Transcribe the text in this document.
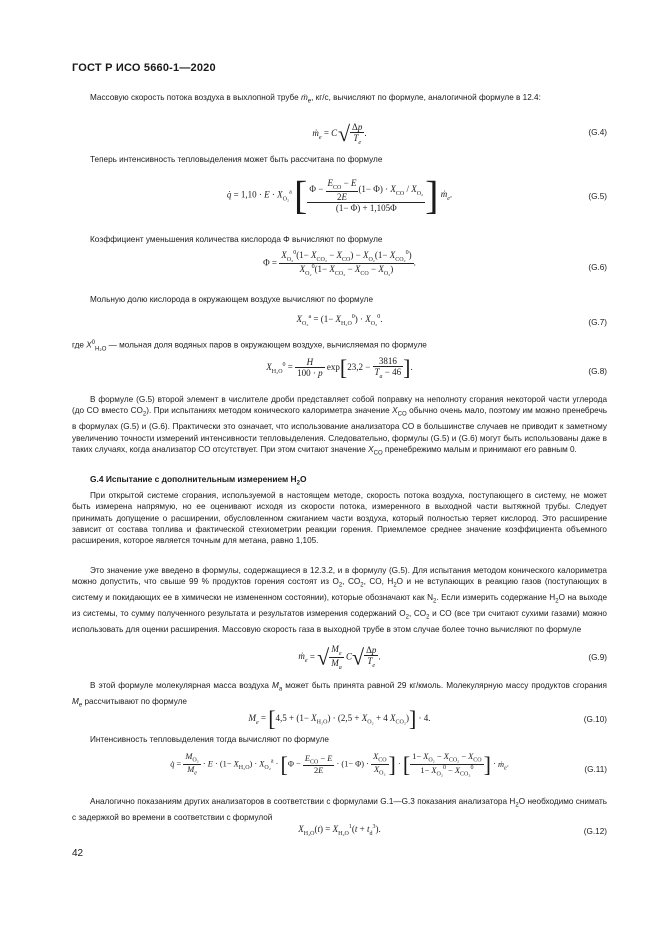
ГОСТ Р ИСО 5660-1—2020
Массовую скорость потока воздуха в выхлопной трубе ṁ$_e$, кг/с, вычисляют по формуле, аналогичной формуле в 12.4:
ṁ$_e$ = C √ $\frac{\Delta p}{T_e}$ .	(G.4)
Теперь интенсивность тепловыделения может быть рассчитана по формуле
q̇ = $1,10 \cdot E \cdot X_{O_2}^a$ [ $\frac{\Phi - \frac{E_{CO} - E}{2E} (1- \Phi) \cdot X_{CO} / X_{O_2}}{(1- \Phi) + 1,105\Phi}$ ] ṁ$_e$.	(G.5)
Коэффициент уменьшения количества кислорода Φ вычисляют по формуле
$\Phi = \frac{X_{O_2}^0(1- X_{CO_2} - X_{CO}) - X_{O_2}(1- X_{CO_2}^0)}{X_{O_2}^0(1- X_{CO_2} - X_{CO} - X_{O_2})}$ .
(G.6)
Мольную долю кислорода в окружающем воздухе вычисляют по формуле
$X_{O_2}^a = (1- X_{H_2O}^0) \cdot X_{O_2}^0$.	(G.7)
где $X^0_{H_2O}$ — мольная доля водяных паров в окружающем воздухе, вычисляемая по формуле
$X_{H_2O}^0 = \frac{H}{100 \cdot p} \exp[23,2 - \frac{3816}{T_a - 46}$ ].	(G.8)
В формуле (G.5) второй элемент в числителе дроби представляет собой поправку на неполноту сгорания некоторой части углерода (до CO вместо $CO_2$). При испытаниях методом конического калориметра значение $X_{CO}$ обычно очень мало, поэтому им можно пренебречь в формулах (G.5) и (G.6). Практически это означает, что использование анализатора CO в большинстве случаев не приводит к заметному увеличению точности измерений интенсивности тепловыделения. Следовательно, формулы (G.5) и (G.6) могут быть использованы даже в таких случаях, когда анализатор CO отсутствует. При этом считают значение $X_{CO}$ пренебрежимо малым и принимают его равным 0.
G.4 Испытание с дополнительным измерением $H_2O$
При открытой системе сгорания, используемой в настоящем методе, скорость потока воздуха, поступающего в систему, не может быть измерена напрямую, но ее оценивают исходя из скорости потока, измеренного в выходной части вытяжной трубы. Следует принимать допущение о расширении, обусловленном сжиганием части воздуха, который полностью теряет кислород. Это расширение зависит от состава топлива и фактической стехиометрии реакции горения. Приемлемое среднее значение коэффициента объемного расширения, которое является точным для метана, равно 1,105.
Это значение уже введено в формулы, содержащиеся в 12.3.2, и в формулу (G.5). Для испытания методом конического калориметра можно допустить, что свыше 99 % продуктов горения состоят из $O_2$, $CO_2$, CO, $H_2O$ и не вступающих в реакцию газов (поступающих в систему и покидающих ее в химически не измененном состоянии), которые обозначают как $N_2$. Если измерить содержание $H_2O$ на выходе из системы, то сумму полученного результата и результатов измерения содержаний $O_2$, $CO_2$ и CO (все три считают сухими газами) можно использовать для оценки расширения. Массовую скорость газа в выходной трубе в этом случае более точно вычисляют по формуле
ṁ$_e$ = √ $\frac{M_e}{M_a} C√ \frac{\Delta p}{T_e}$ .	(G.9)
В этой формуле молекулярная масса воздуха $M_a$ может быть принята равной 29 кг/кмоль. Молекулярную массу продуктов сгорания $M_e$ рассчитывают по формуле
$M_e = [4,5 + (1- X_{H_2O}) \cdot (2,5 + X_{O_2} + 4$ $X_{CO_2})] \cdot 4$.	(G.10)
Интенсивность тепловыделения тогда вычисляют по формуле
q̇ = $\frac{M_{O_2}}{M_e} \cdot E \cdot (1- X_{H_2O}) \cdot X_{O_2}^a \cdot [\Phi - \frac{E_{CO} - E}{2E} \cdot (1- \Phi) \cdot \frac{X_{CO}}{X_{O_2}}$ ] · [ $\frac{1- X_{O_2} - X_{CO_2} - X_{CO}}{1- X_{O_2}^0 - X_{CO_2}^0}$ ] · ṁ$_e$.
(G.11)
Аналогично показаниям других анализаторов в соответствии с формулами G.1—G.3 показания анализатора $H_2O$ необходимо снимать с задержкой во времени в соответствии с формулой
$X_{H_2O}(t) = X_{H_2O}^1(t + t_d^3)$.	(G.12)
42
